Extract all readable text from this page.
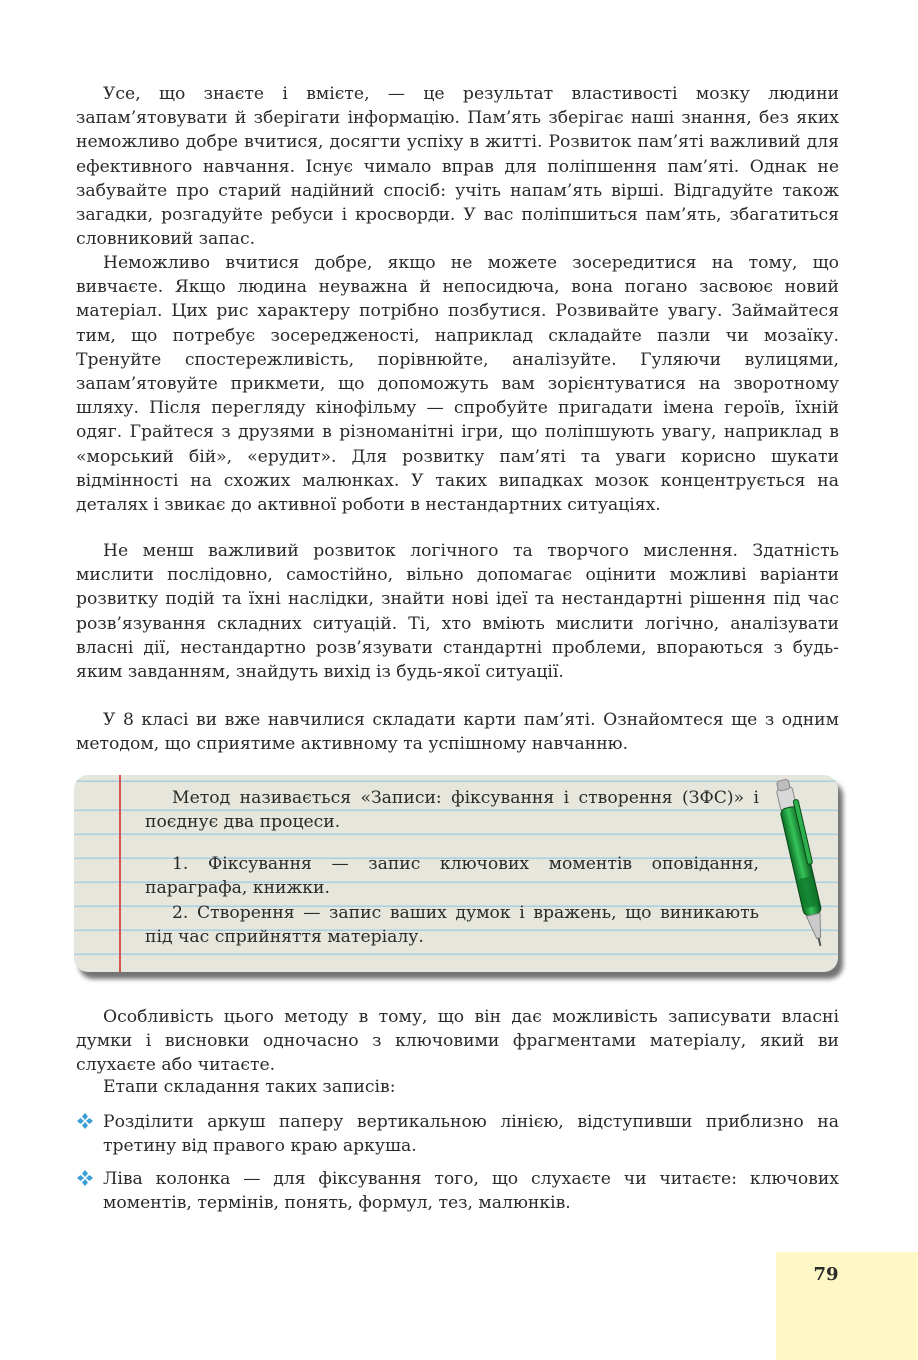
Усе, що знаєте і вмієте, — це результат властивості мозку людини запам’ятовувати й зберігати інформацію. Пам’ять зберігає наші знання, без яких неможливо добре вчитися, досягти успіху в житті. Розвиток пам’яті важливий для ефективного навчання. Існує чимало вправ для поліпшення пам’яті. Однак не забувайте про старий надійний спосіб: учіть напам’ять вірші. Відгадуйте також загадки, розгадуйте ребуси і кросворди. У вас поліпшиться пам’ять, збагатиться словниковий запас.

Неможливо вчитися добре, якщо не можете зосередитися на тому, що вивчаєте. Якщо людина неуважна й непосидюча, вона погано засвоює новий матеріал. Цих рис характеру потрібно позбутися. Розвивайте увагу. Займайтеся тим, що потребує зосередженості, наприклад складайте пазли чи мозаїку. Тренуйте спостережливість, порівнюйте, аналізуйте. Гуляючи вулицями, запам’ятовуйте прикмети, що допоможуть вам зорієнтуватися на зворотному шляху. Після перегляду кінофільму — спробуйте пригадати імена героїв, їхній одяг. Грайтеся з друзями в різноманітні ігри, що поліпшують увагу, наприклад в «морський бій», «ерудит». Для розвитку пам’яті та уваги корисно шукати відмінності на схожих малюнках. У таких випадках мозок концентрується на деталях і звикає до активної роботи в нестандартних ситуаціях.

Не менш важливий розвиток логічного та творчого мислення. Здатність мислити послідовно, самостійно, вільно допомагає оцінити можливі варіанти розвитку подій та їхні наслідки, знайти нові ідеї та нестандартні рішення під час розв’язування складних ситуацій. Ті, хто вміють мислити логічно, аналізувати власні дії, нестандартно розв’язувати стандартні проблеми, впораються з будь-яким завданням, знайдуть вихід із будь-якої ситуації.

У 8 класі ви вже навчилися складати карти пам’яті. Ознайомтеся ще з одним методом, що сприятиме активному та успішному навчанню.

Метод називається «Записи: фіксування і створення (ЗФС)» і поєднує два процеси.

1. Фіксування — запис ключових моментів оповідання, параграфа, книжки.

2. Створення — запис ваших думок і вражень, що виникають під час сприйняття матеріалу.

Особливість цього методу в тому, що він дає можливість записувати власні думки і висновки одночасно з ключовими фрагментами матеріалу, який ви слухаєте або читаєте.

Етапи складання таких записів:

Розділити аркуш паперу вертикальною лінією, відступивши приблизно на третину від правого краю аркуша.

Ліва колонка — для фіксування того, що слухаєте чи читаєте: ключових моментів, термінів, понять, формул, тез, малюнків.

79
